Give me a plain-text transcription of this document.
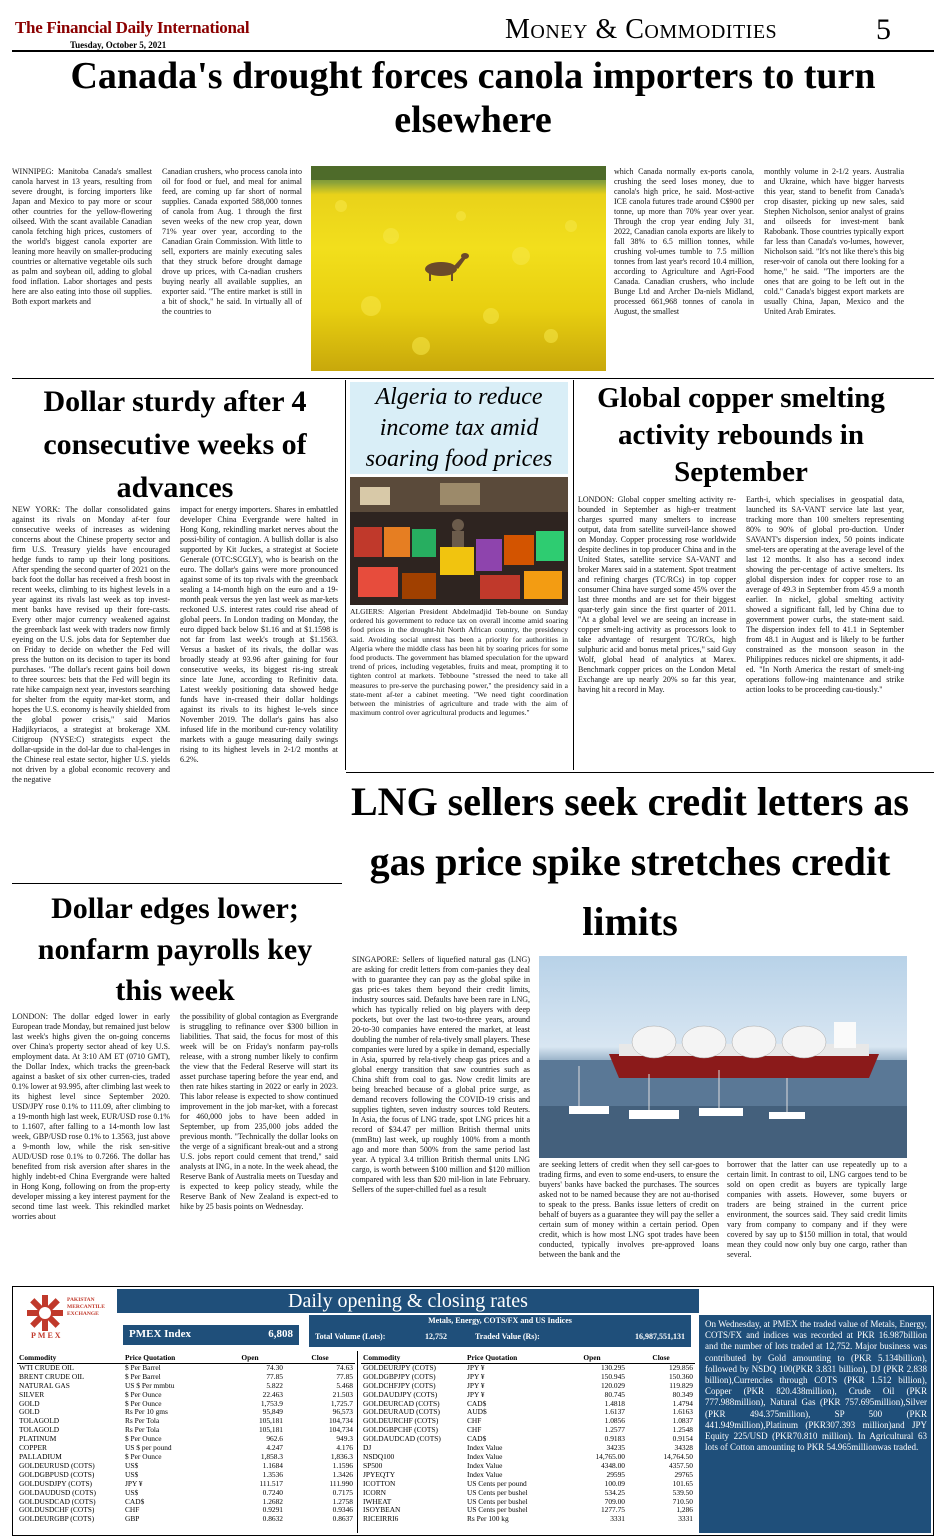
The Financial Daily International
Tuesday, October 5, 2021	Money & Commodities	5
Canada's drought forces canola importers to turn elsewhere
WINNIPEG: Manitoba Canada's smallest canola harvest in 13 years, resulting from severe drought, is forcing importers like Japan and Mexico to pay more or scour other countries for the yellow-flowering oilseed. With the scant available Canadian canola fetching high prices, customers of the world's biggest canola exporter are leaning more heavily on smaller-producing countries or alternative vegetable oils such as palm and soybean oil, adding to global food inflation. Labor shortages and pests here are also eating into those oil supplies. Both export markets and
Canadian crushers, who process canola into oil for food or fuel, and meal for animal feed, are coming up far short of normal supplies. Canada exported 588,000 tonnes of canola from Aug. 1 through the first seven weeks of the new crop year, down 71% year over year, according to the Canadian Grain Commission. With little to sell, exporters are mainly executing sales that they struck before drought damage drove up prices, with Ca-nadian crushers buying nearly all available supplies, an exporter said. "The entire market is still in a bit of shock," he said. In virtually all of the countries to
which Canada normally ex-ports canola, crushing the seed loses money, due to canola's high price, he said. Most-active ICE canola futures trade around C$900 per tonne, up more than 70% year over year. Through the crop year ending July 31, 2022, Canadian canola exports are likely to fall 38% to 6.5 million tonnes, while crushing vol-umes tumble to 7.5 million tonnes from last year's record 10.4 million, according to Agriculture and Agri-Food Canada. Canadian crushers, who include Bunge Ltd and Archer Da-niels Midland, processed 661,968 tonnes of canola in August, the smallest
monthly volume in 2-1/2 years. Australia and Ukraine, which have bigger harvests this year, stand to benefit from Canada's crop disaster, picking up new sales, said Stephen Nicholson, senior analyst of grains and oilseeds for invest-ment bank Rabobank. Those countries typically export far less than Canada's vo-lumes, however, Nicholson said. "It's not like there's this big reser-voir of canola out there looking for a home," he said. "The importers are the ones that are going to be left out in the cold." Canada's biggest export markets are usually China, Japan, Mexico and the United Arab Emirates.
Dollar sturdy after 4 consecutive weeks of advances
NEW YORK: The dollar consolidated gains against its rivals on Monday af-ter four consecutive weeks of increases as widening concerns about the Chinese property sector and firm U.S. Treasury yields have encouraged hedge funds to ramp up their long positions. After spending the second quarter of 2021 on the back foot the dollar has received a fresh boost in recent weeks, climbing to its highest levels in a year against its rivals last week as top invest-ment banks have revised up their fore-casts. Every other major currency weakened against the greenback last week with traders now firmly eyeing on the U.S. jobs data for September due on Friday to decide on whether the Fed will press the button on its decision to taper its bond purchases. "The dollar's recent gains boil down to three sources: bets that the Fed will begin its rate hike campaign next year, investors searching for shelter from the equity mar-ket storm, and hopes the U.S. economy is heavily shielded from the global power crisis," said Marios Hadjikyriacos, a strategist at brokerage XM. Citigroup (NYSE:C) strategists expect the dollar-upside in the dol-lar due to chal-lenges in the Chinese real estate sector, higher U.S. yields not driven by a global economic recovery and the negative
impact for energy importers. Shares in embattled developer China Evergrande were halted in Hong Kong, rekindling market nerves about the possi-bility of contagion. A bullish dollar is also supported by Kit Juckes, a strategist at Societe Generale (OTC:SCGLY), who is bearish on the euro. The dollar's gains were more pronounced against some of its top rivals with the greenback sealing a 14-month high on the euro and a 19-month peak versus the yen last week as mar-kets reckoned U.S. interest rates could rise ahead of global peers. In London trading on Monday, the euro dipped back below $1.16 and at $1.1598 is not far from last week's trough at $1.1563. Versus a basket of its rivals, the dollar was broadly steady at 93.96 after gaining for four consecutive weeks, its biggest ris-ing streak since late June, according to Refinitiv data. Latest weekly positioning data showed hedge funds have in-creased their dollar holdings against its rivals to its highest le-vels since November 2019. The dollar's gains has also infused life in the moribund cur-rency volatility markets with a gauge measuring daily swings rising to its highest levels in 2-1/2 months at 6.2%.
Algeria to reduce income tax amid soaring food prices
ALGIERS: Algerian President Abdelmadjid Teb-boune on Sunday ordered his government to reduce tax on overall income amid soaring food prices in the drought-hit North African country, the presidency said. Avoiding social unrest has been a priority for authorities in Algeria where the middle class has been hit by soaring prices for some food products. The government has blamed speculation for the upward trend of prices, including vegetables, fruits and meat, prompting it to tighten control at markets. Tebboune "stressed the need to take all measures to pre-serve the purchasing power," the presidency said in a state-ment af-ter a cabinet meeting. "We need tight coordination between the ministries of agriculture and trade with the aim of maximum control over agricultural products and legumes."
Global copper smelting activity rebounds in September
LONDON: Global copper smelting activity re-bounded in September as high-er treatment charges spurred many smelters to increase output, data from satellite surveil-lance showed on Monday. Copper processing rose worldwide despite declines in top producer China and in the United States, satellite service SA-VANT and broker Marex said in a statement. Spot treatment and refining charges (TC/RCs) in top copper consumer China have surged some 45% over the last three months and are set for their biggest quar-terly gain since the first quarter of 2011. "At a global level we are seeing an increase in copper smelt-ing activity as processors look to take advantage of resurgent TC/RCs, high sulphuric acid and bonus metal prices," said Guy Wolf, global head of analytics at Marex. Benchmark copper prices on the London Metal Exchange are up nearly 20% so far this year, having hit a record in May.
Earth-i, which specialises in geospatial data, launched its SA-VANT service late last year, tracking more than 100 smelters representing 80% to 90% of global pro-duction. Under SAVANT's dispersion index, 50 points indicate smel-ters are operating at the average level of the last 12 months. It also has a second index showing the per-centage of active smelters. Its global dispersion index for copper rose to an average of 49.3 in September from 45.9 a month earlier. In nickel, global smelting activity showed a significant fall, led by China due to government power curbs, the state-ment said. The dispersion index fell to 41.1 in September from 48.1 in August and is likely to be further constrained as the monsoon season in the Philippines reduces nickel ore shipments, it add-ed. "In North America the restart of smelt-ing operations follow-ing maintenance and strike action looks to be proceeding cau-tiously."
LNG sellers seek credit letters as gas price spike stretches credit limits
Dollar edges lower; nonfarm payrolls key this week
LONDON: The dollar edged lower in early European trade Monday, but remained just below last week's highs given the on-going concerns over China's property sector ahead of key U.S. employment data. At 3:10 AM ET (0710 GMT), the Dollar Index, which tracks the green-back against a basket of six other curren-cies, traded 0.1% lower at 93.995, after climbing last week to its highest level since September 2020. USD/JPY rose 0.1% to 111.09, after climbing to a 19-month high last week, EUR/USD rose 0.1% to 1.1607, after falling to a 14-month low last week, GBP/USD rose 0.1% to 1.3563, just above a 9-month low, while the risk sen-sitive AUD/USD rose 0.1% to 0.7266. The dollar has benefited from risk aversion after shares in the highly indebt-ed China Evergrande were halted in Hong Kong, following on from the prop-erty developer missing a key interest payment for the second time last week. This rekindled market worries about
the possibility of global contagion as Evergrande is struggling to refinance over $300 billion in liabilities. That said, the focus for most of this week will be on Friday's nonfarm pay-rolls release, with a strong number likely to confirm the view that the Federal Reserve will start its asset purchase tapering before the year end, and then rate hikes starting in 2022 or early in 2023. This labor release is expected to show continued improvement in the job mar-ket, with a forecast for 460,000 jobs to have been added in September, up from 235,000 jobs added the previous month. "Technically the dollar looks on the verge of a significant break-out and a strong U.S. jobs report could cement that trend," said analysts at ING, in a note. In the week ahead, the Reserve Bank of Australia meets on Tuesday and is expected to keep policy steady, while the Reserve Bank of New Zealand is expect-ed to hike by 25 basis points on Wednesday.
SINGAPORE: Sellers of liquefied natural gas (LNG) are asking for credit letters from com-panies they deal with to guarantee they can pay as the global spike in gas pric-es takes them beyond their credit limits, industry sources said. Defaults have been rare in LNG, which has typically relied on big players with deep pockets, but over the last two-to-three years, around 20-to-30 companies have entered the market, at least doubling the number of rela-tively small players. These companies were lured by a spike in demand, especially in Asia, spurred by rela-tively cheap gas prices and a global energy transition that saw countries such as China shift from coal to gas. Now credit limits are being breached because of a global price surge, as demand recovers following the COVID-19 crisis and supplies tighten, seven industry sources told Reuters. In Asia, the focus of LNG trade, spot LNG prices hit a record of $34.47 per million British thermal units (mmBtu) last week, up roughly 100% from a month ago and more than 500% from the same period last year. A typical 3.4 trillion British thermal units LNG cargo, is worth between $100 million and $120 million compared with less than $20 mil-lion in late February. Sellers of the super-chilled fuel as a result
are seeking letters of credit when they sell car-goes to trading firms, and even to some end-users, to ensure the buyers' banks have backed the purchases. The sources asked not to be named because they are not au-thorised to speak to the press. Banks issue letters of credit on behalf of buyers as a guarantee they will pay the seller a certain sum of money within a certain period. Open credit, which is how most LNG spot trades have been conducted, typically involves pre-approved loans between the bank and the
borrower that the latter can use repeatedly up to a certain limit. In contrast to oil, LNG cargoes tend to be sold on open credit as buyers are typically large companies with assets. However, some buyers or traders are being strained in the current price environment, the sources said. They said credit limits vary from company to company and if they were covered by say up to $150 million in total, that would mean they could now only buy one cargo, rather than several.
PAKISTAN MERCANTILE EXCHANGE
PMEX
Daily opening & closing rates
PMEX Index	6,808
Metals, Energy, COTS/FX and US Indices
Total Volume (Lots):	12,752	Traded Value (Rs):	16,987,551,131
Commodity	Price Quotation	Open	Close
WTI CRUDE OIL	$ Per Barrel	74.30	74.63
BRENT CRUDE OIL	$ Per Barrel	77.85	77.85
NATURAL GAS	US $ Per mmbtu	5.822	5.468
SILVER	$ Per Ounce	22.463	21.503
GOLD	$ Per Ounce	1,753.9	1,725.7
GOLD	Rs Per 10 gms	95,849	96,573
TOLAGOLD	Rs Per Tola	105,181	104,734
TOLAGOLD	Rs Per Tola	105,181	104,734
PLATINUM	$ Per Ounce	962.6	949.3
COPPER	US $ per pound	4.247	4.176
PALLADIUM	$ Per Ounce	1,858.3	1,836.3
GOLDEURUSD (COTS)	US$	1.1684	1.1596
GOLDGBPUSD (COTS)	US$	1.3536	1.3426
GOLDUSDJPY (COTS)	JPY ¥	111.517	111.990
GOLDAUDUSD (COTS)	US$	0.7240	0.7175
GOLDUSDCAD (COTS)	CAD$	1.2682	1.2758
GOLDUSDCHF (COTS)	CHF	0.9291	0.9346
GOLDEURGBP (COTS)	GBP	0.8632	0.8637
Commodity	Price Quotation	Open	Close
GOLDEURJPY (COTS)	JPY ¥	130.295	129.856
GOLDGBPJPY (COTS)	JPY ¥	150.945	150.360
GOLDCHFJPY (COTS)	JPY ¥	120.029	119.829
GOLDAUDJPY (COTS)	JPY ¥	80.745	80.349
GOLDEURCAD (COTS)	CAD$	1.4818	1.4794
GOLDEURAUD (COTS)	AUD$	1.6137	1.6163
GOLDEURCHF (COTS)	CHF	1.0856	1.0837
GOLDGBPCHF (COTS)	CHF	1.2577	1.2548
GOLDAUDCAD (COTS)	CAD$	0.9183	0.9154
DJ	Index Value	34235	34328
NSDQ100	Index Value	14,765.00	14,764.50
SP500	Index Value	4348.00	4357.50
JPYEQTY	Index Value	29595	29765
ICOTTON	US Cents per pound	100.09	101.65
ICORN	US Cents per bushel	534.25	539.50
IWHEAT	US Cents per bushel	709.00	710.50
ISOYBEAN	US Cents per bushel	1277.75	1,286
RICEIRRI6	Rs Per 100 kg	3331	3331
On Wednesday, at PMEX the traded value of Metals, Energy, COTS/FX and indices was recorded at PKR 16.987billion and the number of lots traded at 12,752. Major business was contributed by Gold amounting to (PKR 5.134billion), followed by NSDQ 100(PKR 3.831 billion), DJ (PKR 2.838 billion),Currencies through COTS (PKR 1.512 billion), Copper (PKR 820.438million), Crude Oil (PKR 777.988million), Natural Gas (PKR 757.695million),Silver (PKR 494.375million), SP 500 (PKR 441.949million),Platinum (PKR307.393 million)and JPY Equity 225/USD (PKR70.810 million). In Agricultural 63 lots of Cotton amounting to PKR 54.965millionwas traded.
